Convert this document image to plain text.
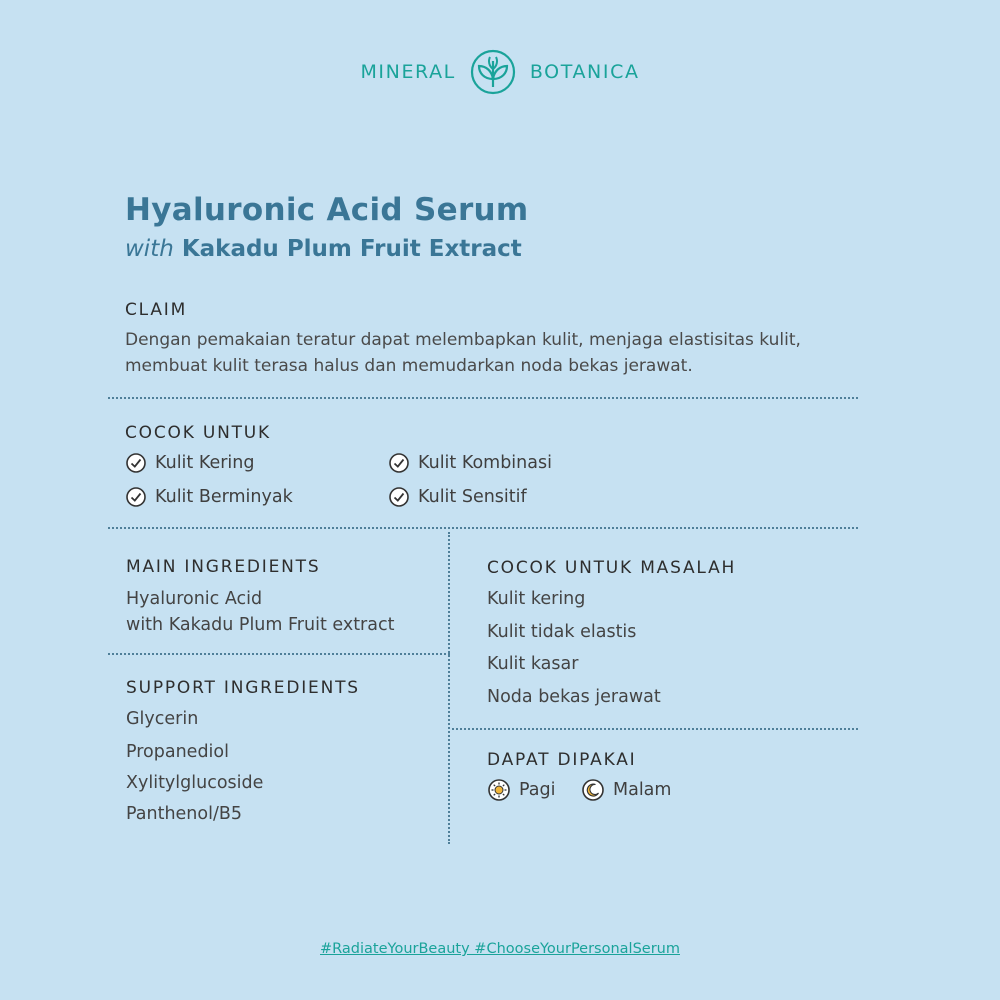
MINERAL	BOTANICA
Hyaluronic Acid Serum
with Kakadu Plum Fruit Extract
CLAIM
Dengan pemakaian teratur dapat melembapkan kulit, menjaga elastisitas kulit,
membuat kulit terasa halus dan memudarkan noda bekas jerawat.
COCOK UNTUK
Kulit Kering	Kulit Kombinasi
Kulit Berminyak	Kulit Sensitif
MAIN INGREDIENTS
Hyaluronic Acid
with Kakadu Plum Fruit extract
SUPPORT INGREDIENTS
Glycerin
Propanediol
Xylitylglucoside
Panthenol/B5
COCOK UNTUK MASALAH
Kulit kering
Kulit tidak elastis
Kulit kasar
Noda bekas jerawat
DAPAT DIPAKAI
Pagi	Malam
#RadiateYourBeauty #ChooseYourPersonalSerum
